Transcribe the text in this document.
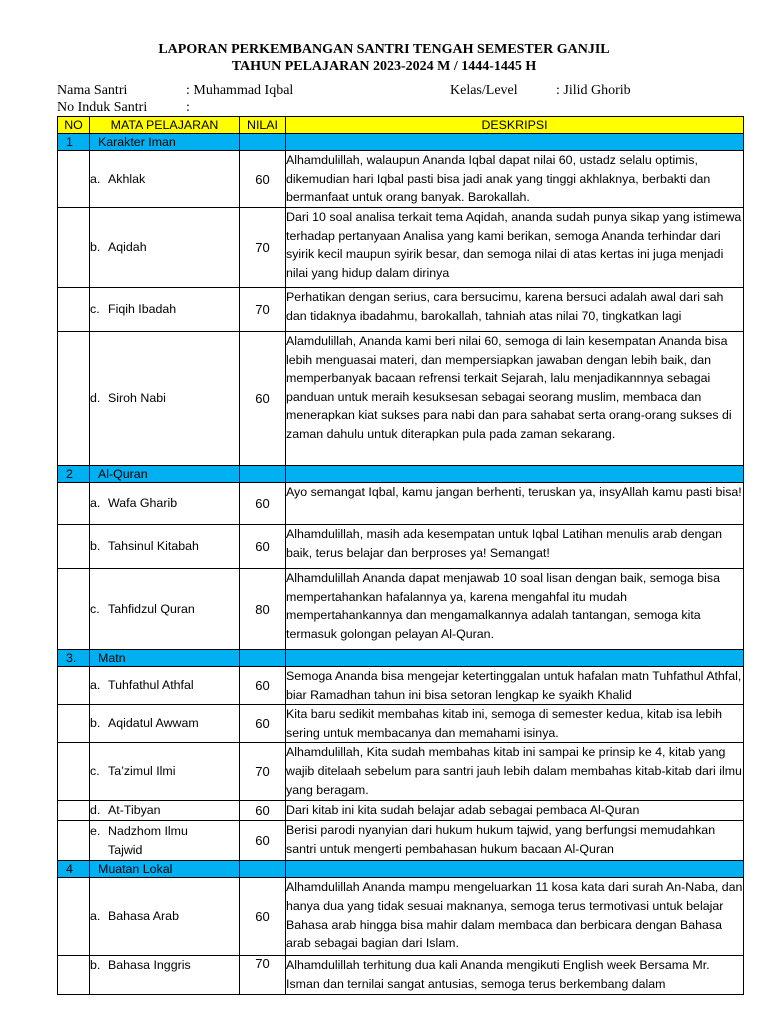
LAPORAN PERKEMBANGAN SANTRI TENGAH SEMESTER GANJIL
TAHUN PELAJARAN 2023-2024 M / 1444-1445 H
Nama Santri	: Muhammad Iqbal
No Induk Santri	:
Kelas/Level	: Jilid Ghorib
NO	MATA PELAJARAN	NILAI	DESKRIPSI
1	Karakter Iman		
	a. Akhlak	60	Alhamdulillah, walaupun Ananda Iqbal dapat nilai 60, ustadz selalu optimis, dikemudian hari Iqbal pasti bisa jadi anak yang tinggi akhlaknya, berbakti dan bermanfaat untuk orang banyak. Barokallah.
	b. Aqidah	70	Dari 10 soal analisa terkait tema Aqidah, ananda sudah punya sikap yang istimewa terhadap pertanyaan Analisa yang kami berikan, semoga Ananda terhindar dari syirik kecil maupun syirik besar, dan semoga nilai di atas kertas ini juga menjadi nilai yang hidup dalam dirinya
	c. Fiqih Ibadah	70	Perhatikan dengan serius, cara bersucimu, karena bersuci adalah awal dari sah dan tidaknya ibadahmu, barokallah, tahniah atas nilai 70, tingkatkan lagi
	d. Siroh Nabi	60	Alamdulillah, Ananda kami beri nilai 60, semoga di lain kesempatan Ananda bisa lebih menguasai materi, dan mempersiapkan jawaban dengan lebih baik, dan memperbanyak bacaan refrensi terkait Sejarah, lalu menjadikannnya sebagai panduan untuk meraih kesuksesan sebagai seorang muslim, membaca dan menerapkan kiat sukses para nabi dan para sahabat serta orang-orang sukses di zaman dahulu untuk diterapkan pula pada zaman sekarang.
2	Al-Quran		
	a. Wafa Gharib	60	Ayo semangat Iqbal, kamu jangan berhenti, teruskan ya, insyAllah kamu pasti bisa!
	b. Tahsinul Kitabah	60	Alhamdulillah, masih ada kesempatan untuk Iqbal Latihan menulis arab dengan baik, terus belajar dan berproses ya! Semangat!
	c. Tahfidzul Quran	80	Alhamdulillah Ananda dapat menjawab 10 soal lisan dengan baik, semoga bisa mempertahankan hafalannya ya, karena mengahfal itu mudah mempertahankannya dan mengamalkannya adalah tantangan, semoga kita termasuk golongan pelayan Al-Quran.
3.	Matn		
	a. Tuhfathul Athfal	60	Semoga Ananda bisa mengejar ketertinggalan untuk hafalan matn Tuhfathul Athfal, biar Ramadhan tahun ini bisa setoran lengkap ke syaikh Khalid
	b. Aqidatul Awwam	60	Kita baru sedikit membahas kitab ini, semoga di semester kedua, kitab isa lebih sering untuk membacanya dan memahami isinya.
	c. Ta’zimul Ilmi	70	Alhamdulillah, Kita sudah membahas kitab ini sampai ke prinsip ke 4, kitab yang wajib ditelaah sebelum para santri jauh lebih dalam membahas kitab-kitab dari ilmu yang beragam.
	d. At-Tibyan	60	Dari kitab ini kita sudah belajar adab sebagai pembaca Al-Quran
	e. Nadzhom Ilmu Tajwid	60	Berisi parodi nyanyian dari hukum hukum tajwid, yang berfungsi memudahkan santri untuk mengerti pembahasan hukum bacaan Al-Quran
4	Muatan Lokal		
	a. Bahasa Arab	60	Alhamdulillah Ananda mampu mengeluarkan 11 kosa kata dari surah An-Naba, dan hanya dua yang tidak sesuai maknanya, semoga terus termotivasi untuk belajar Bahasa arab hingga bisa mahir dalam membaca dan berbicara dengan Bahasa arab sebagai bagian dari Islam.
	b. Bahasa Inggris	70	Alhamdulillah terhitung dua kali Ananda mengikuti English week Bersama Mr. Isman dan ternilai sangat antusias, semoga terus berkembang dalam
